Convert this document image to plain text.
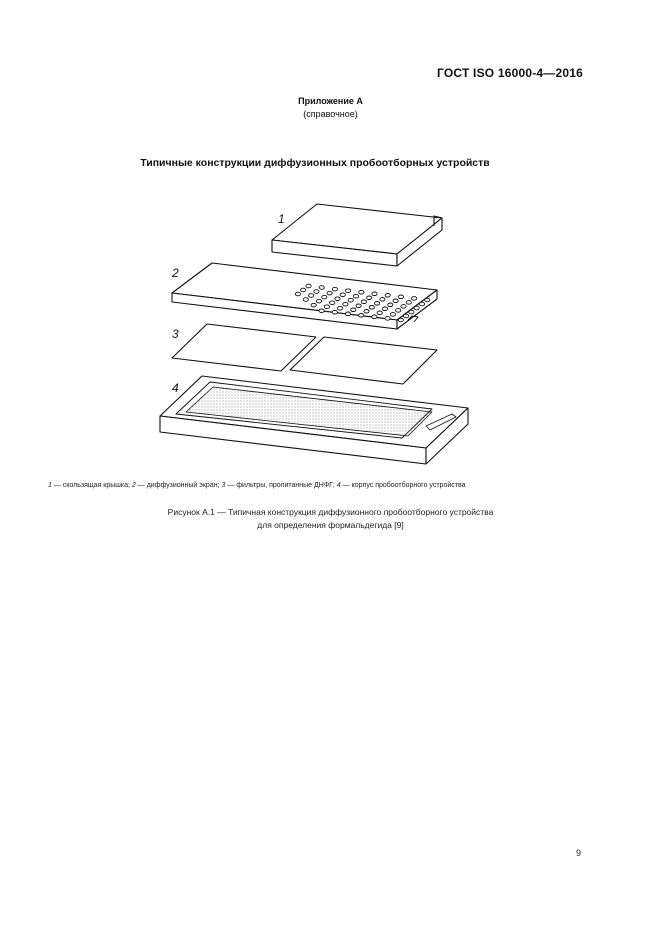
ГОСТ ISO 16000-4—2016
Приложение А
(справочное)
Типичные конструкции диффузионных пробоотборных устройств
1
2
3
4
1 — скользящая крышка; 2 — диффузионный экран; 3 — фильтры, пропитанные ДНФГ; 4 — корпус пробоотборного устройства
Рисунок А.1 — Типичная конструкция диффузионного пробоотборного устройства
для определения формальдегида [9]
9
